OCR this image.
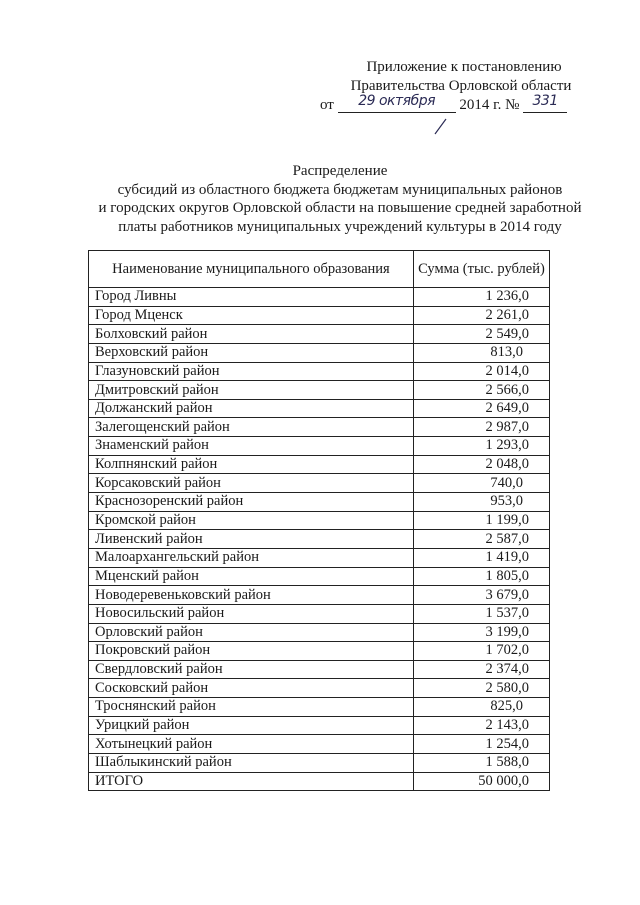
Приложение к постановлению
Правительства Орловской области
от 29 октября 2014 г. № 331
Распределение
субсидий из областного бюджета бюджетам муниципальных районов
и городских округов Орловской области на повышение средней заработной
платы работников муниципальных учреждений культуры в 2014 году
Наименование муниципального образования	Сумма (тыс. рублей)
Город Ливны	1 236,0
Город Мценск	2 261,0
Болховский район	2 549,0
Верховский район	813,0
Глазуновский район	2 014,0
Дмитровский район	2 566,0
Должанский район	2 649,0
Залегощенский район	2 987,0
Знаменский район	1 293,0
Колпнянский район	2 048,0
Корсаковский район	740,0
Краснозоренский район	953,0
Кромской район	1 199,0
Ливенский район	2 587,0
Малоархангельский район	1 419,0
Мценский район	1 805,0
Новодеревеньковский район	3 679,0
Новосильский район	1 537,0
Орловский район	3 199,0
Покровский район	1 702,0
Свердловский район	2 374,0
Сосковский район	2 580,0
Троснянский район	825,0
Урицкий район	2 143,0
Хотынецкий район	1 254,0
Шаблыкинский район	1 588,0
ИТОГО	50 000,0
